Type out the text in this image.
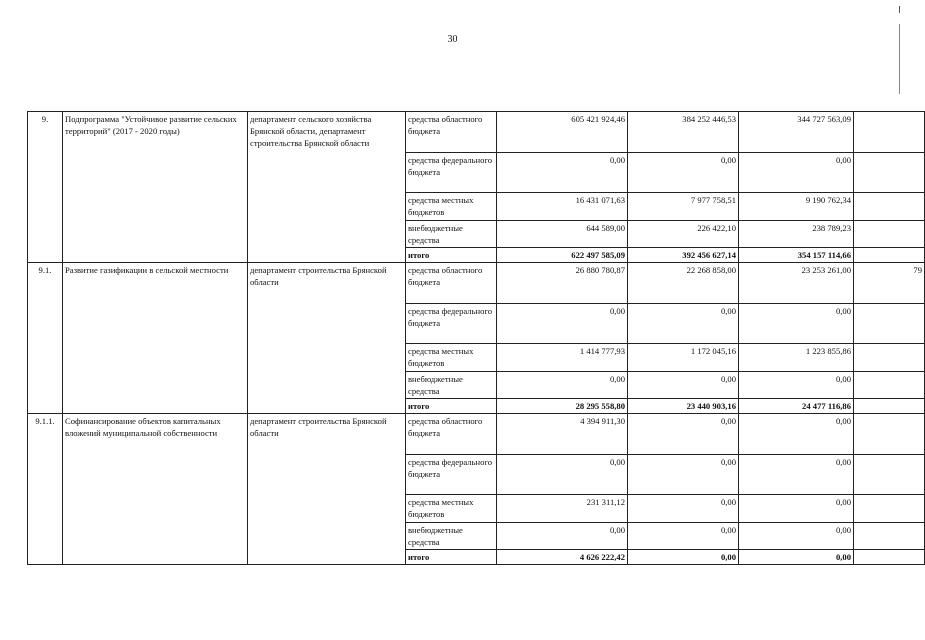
30
9.	Подпрограмма "Устойчивое развитие сельских территорий" (2017 - 2020 годы)	департамент сельского хозяйства Брянской области, департамент строительства Брянской области	средства областного бюджета	605 421 924,46	384 252 446,53	344 727 563,09	
			средства федерального бюджета	0,00	0,00	0,00	
			средства местных бюджетов	16 431 071,63	7 977 758,51	9 190 762,34	
			внебюджетные средства	644 589,00	226 422,10	238 789,23	
			итого	622 497 585,09	392 456 627,14	354 157 114,66	
9.1.	Развитие газификации в сельской местности	департамент строительства Брянской области	средства областного бюджета	26 880 780,87	22 268 858,00	23 253 261,00	79
			средства федерального бюджета	0,00	0,00	0,00	
			средства местных бюджетов	1 414 777,93	1 172 045,16	1 223 855,86	
			внебюджетные средства	0,00	0,00	0,00	
			итого	28 295 558,80	23 440 903,16	24 477 116,86	
9.1.1.	Софинансирование объектов капитальных вложений муниципальной собственности	департамент строительства Брянской области	средства областного бюджета	4 394 911,30	0,00	0,00	
			средства федерального бюджета	0,00	0,00	0,00	
			средства местных бюджетов	231 311,12	0,00	0,00	
			внебюджетные средства	0,00	0,00	0,00	
			итого	4 626 222,42	0,00	0,00	
